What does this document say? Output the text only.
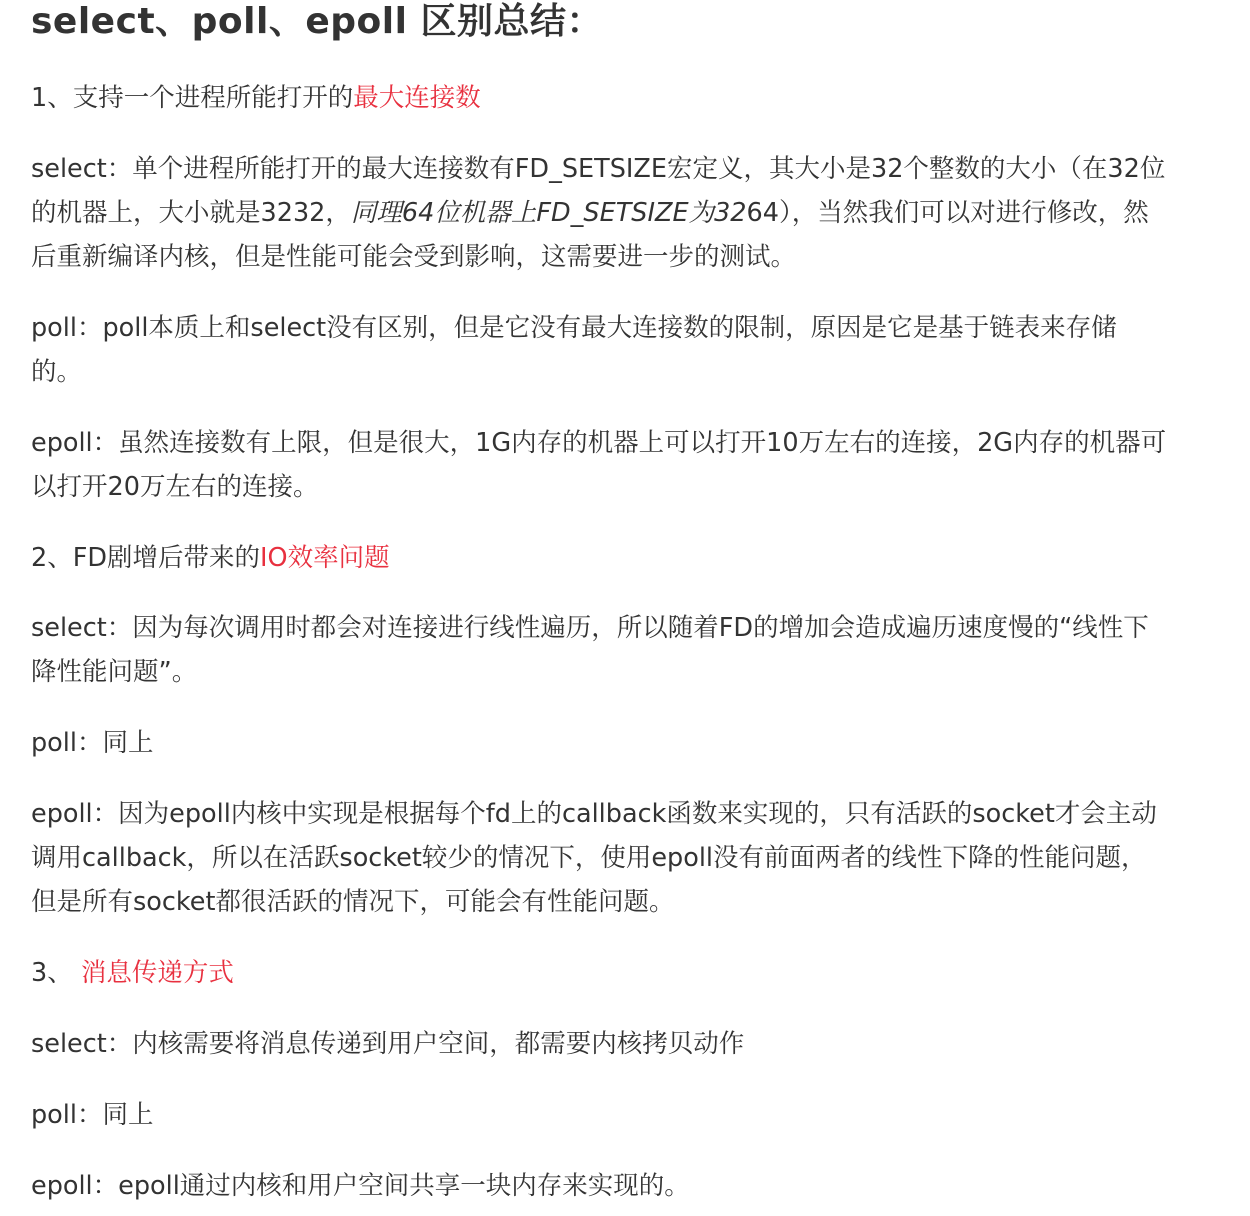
select、poll、epoll 区别总结：

1、支持一个进程所能打开的最大连接数

select：单个进程所能打开的最大连接数有FD_SETSIZE宏定义，其大小是32个整数的大小（在32位
的机器上，大小就是3232，同理64位机器上FD_SETSIZE为3264），当然我们可以对进行修改，然
后重新编译内核，但是性能可能会受到影响，这需要进一步的测试。

poll：poll本质上和select没有区别，但是它没有最大连接数的限制，原因是它是基于链表来存储
的。

epoll：虽然连接数有上限，但是很大，1G内存的机器上可以打开10万左右的连接，2G内存的机器可
以打开20万左右的连接。

2、FD剧增后带来的IO效率问题

select：因为每次调用时都会对连接进行线性遍历，所以随着FD的增加会造成遍历速度慢的“线性下
降性能问题”。

poll：同上

epoll：因为epoll内核中实现是根据每个fd上的callback函数来实现的，只有活跃的socket才会主动
调用callback，所以在活跃socket较少的情况下，使用epoll没有前面两者的线性下降的性能问题，
但是所有socket都很活跃的情况下，可能会有性能问题。

3、 消息传递方式

select：内核需要将消息传递到用户空间，都需要内核拷贝动作

poll：同上

epoll：epoll通过内核和用户空间共享一块内存来实现的。
